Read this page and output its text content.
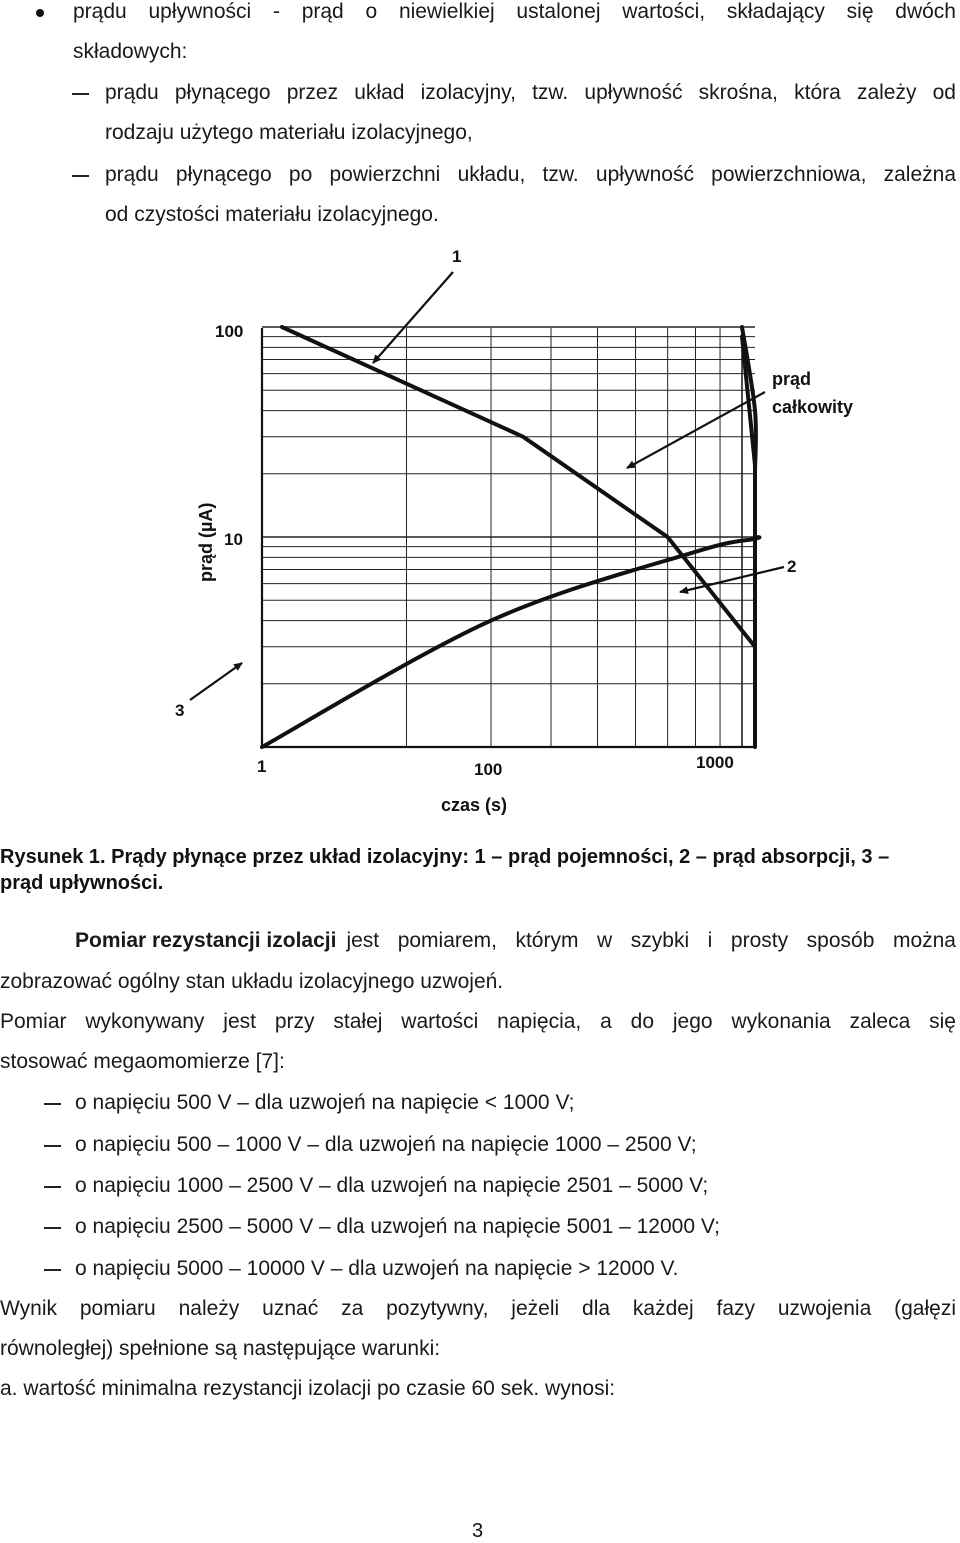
prądu upływności - prąd o niewielkiej ustalonej wartości, składający się dwóch
składowych:
prądu płynącego przez układ izolacyjny, tzw. upływność skrośna, która zależy od
rodzaju użytego materiału izolacyjnego,
prądu płynącego po powierzchni układu, tzw. upływność powierzchniowa, zależna
od czystości materiału izolacyjnego.
100
10
1	100	1000
prąd (µA)
czas (s)
1
prąd
całkowity
2
3
Rysunek 1. Prądy płynące przez układ izolacyjny: 1 – prąd pojemności, 2 – prąd absorpcji, 3 –
prąd upływności.
Pomiar rezystancji izolacji jest pomiarem, którym w szybki i prosty sposób można
zobrazować ogólny stan układu izolacyjnego uzwojeń.
Pomiar wykonywany jest przy stałej wartości napięcia, a do jego wykonania zaleca się
stosować megaomomierze [7]:
o napięciu 500 V – dla uzwojeń na napięcie < 1000 V;
o napięciu 500 – 1000 V – dla uzwojeń na napięcie 1000 – 2500 V;
o napięciu 1000 – 2500 V – dla uzwojeń na napięcie 2501 – 5000 V;
o napięciu 2500 – 5000 V – dla uzwojeń na napięcie 5001 – 12000 V;
o napięciu 5000 – 10000 V – dla uzwojeń na napięcie > 12000 V.
Wynik pomiaru należy uznać za pozytywny, jeżeli dla każdej fazy uzwojenia (gałęzi
równoległej) spełnione są następujące warunki:
a. wartość minimalna rezystancji izolacji po czasie 60 sek. wynosi:
3
